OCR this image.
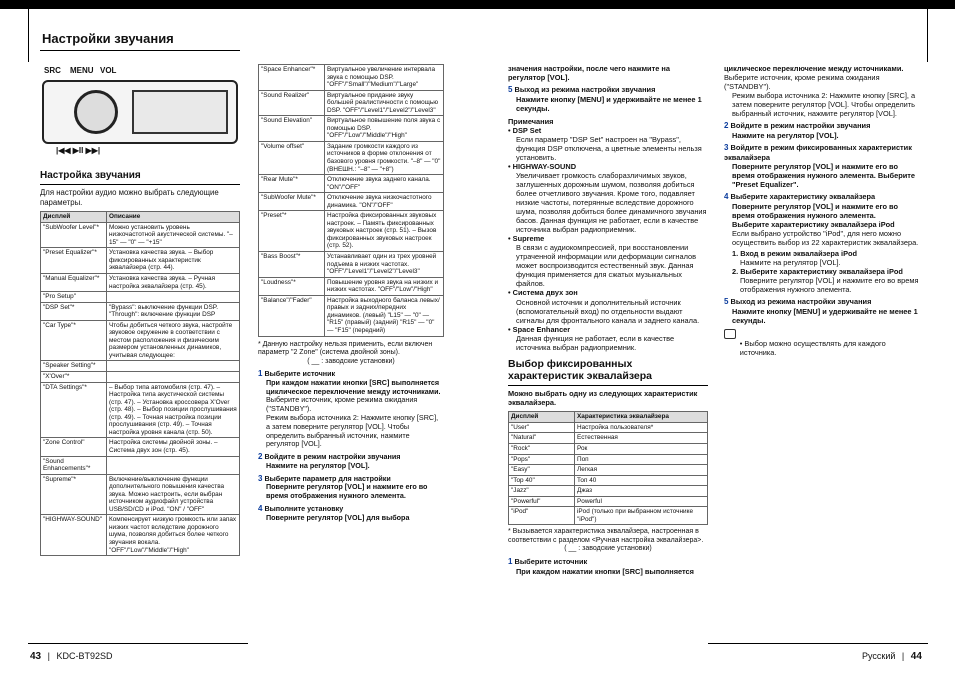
Настройки звучания
SRC MENU VOL
|◀◀ ▶II ▶▶|
Настройка звучания
Для настройки аудио можно выбрать следующие параметры.
Дисплей	Описание
"SubWoofer Level"*	Можно установить уровень низкочастотной акустической системы. "–15" — "0" — "+15"
"Preset Equalizer"*	Установка качества звука. – Выбор фиксированных характеристик эквалайзера (стр. 44).
"Manual Equalizer"*	Установка качества звука. – Ручная настройка эквалайзера (стр. 45).
"Pro Setup"	
"DSP Set"*	"Bypass": выключение функции DSP. "Through": включение функции DSP
"Car Type"*	Чтобы добиться четкого звука, настройте звуковое окружение в соответствии с местом расположения и физическим размером установленных динамиков, учитывая следующее:
"Speaker Setting"*	
"X'Over"*	
"DTA Settings"*	– Выбор типа автомобиля (стр. 47). – Настройка типа акустической системы (стр. 47). – Установка кроссовера X'Over (стр. 48). – Выбор позиции прослушивания (стр. 49). – Точная настройка позиции прослушивания (стр. 49). – Точная настройка уровня канала (стр. 50).
"Zone Control"	Настройка системы двойной зоны. – Система двух зон (стр. 45).
"Sound Enhancements"*	
"Supreme"*	Включение/выключение функции дополнительного повышения качества звука. Можно настроить, если выбран источником аудиофайл устройства USB/SD/CD и iPod. "ON" / "OFF"
"HIGHWAY-SOUND"	Компенсирует низкую громкость или запах низких частот вследствие дорожного шума, позволяя добиться более четкого звучания вокала. "OFF"/"Low"/"Middle"/"High"
"Space Enhancer"*	Виртуальное увеличение интервала звука с помощью DSP. "OFF"/"Small"/"Medium"/"Large"
"Sound Realizer"	Виртуальное придание звуку большей реалистичности с помощью DSP. "OFF"/"Level1"/"Level2"/"Level3"
"Sound Elevation"	Виртуальное повышение поля звука с помощью DSP. "OFF"/"Low"/"Middle"/"High"
"Volume offset"	Задание громкости каждого из источников в форме отклонения от базового уровня громкости. "–8" — "0" (ВНЕШН.: "–8" — "+8")
"Rear Mute"*	Отключение звука заднего канала. "ON"/"OFF"
"SubWoofer Mute"*	Отключение звука низкочастотного динамика. "ON"/"OFF"
"Preset"*	Настройка фиксированных звуковых настроек. – Память фиксированных звуковых настроек (стр. 51). – Вызов фиксированных звуковых настроек (стр. 52).
"Bass Boost"*	Устанавливает один из трех уровней подъема в низких частотах. "OFF"/"Level1"/"Level2"/"Level3"
"Loudness"*	Повышение уровня звука на низких и низких частотах. "OFF"/"Low"/"High"
"Balance"/"Fader"	Настройка выходного баланса левых/правых и задних/передних динамиков. (левый) "L15" — "0" — "R15" (правый) (задний) "R15" — "0" — "F15" (передний)
* Данную настройку нельзя применить, если включен параметр "2 Zone" (система двойной зоны).
( __ : заводские установки)
1 Выберите источник
При каждом нажатии кнопки [SRC] выполняется циклическое переключение между источниками.
Выберите источник, кроме режима ожидания ("STANDBY").
Режим выбора источника 2: Нажмите кнопку [SRC], а затем поверните регулятор [VOL]. Чтобы определить выбранный источник, нажмите регулятор [VOL].
2 Войдите в режим настройки звучания
Нажмите на регулятор [VOL].
3 Выберите параметр для настройки
Поверните регулятор [VOL] и нажмите его во время отображения нужного элемента.
4 Выполните установку
Поверните регулятор [VOL] для выбора
значения настройки, после чего нажмите на регулятор [VOL].
5 Выход из режима настройки звучания
Нажмите кнопку [MENU] и удерживайте не менее 1 секунды.
Примечания
• DSP Set
Если параметр "DSP Set" настроен на "Bypass", функция DSP отключена, а цветные элементы нельзя установить.
• HIGHWAY-SOUND
Увеличивает громкость слаборазличимых звуков, заглушенных дорожным шумом, позволяя добиться более отчетливого звучания. Кроме того, подавляет низкие частоты, потерянные вследствие дорожного шума, позволяя добиться более динамичного звучания басов. Данная функция не работает, если в качестве источника выбран радиоприемник.
• Supreme
В связи с аудиокомпрессией, при восстановлении утраченной информации или деформации сигналов может воспроизводится естественный звук. Данная функция применяется для сжатых музыкальных файлов.
• Система двух зон
Основной источник и дополнительный источник (вспомогательный вход) по отдельности выдают сигналы для фронтального канала и заднего канала.
• Space Enhancer
Данная функция не работает, если в качестве источника выбран радиоприемник.
Выбор фиксированных характеристик эквалайзера
Можно выбрать одну из следующих характеристик эквалайзера.
Дисплей	Характеристика эквалайзера
"User"	Настройка пользователя*
"Natural"	Естественная
"Rock"	Рок
"Pops"	Поп
"Easy"	Легкая
"Top 40"	Топ 40
"Jazz"	Джаз
"Powerful"	Powerful
"iPod"	iPod (только при выбранном источнике "iPod")
* Вызывается характеристика эквалайзера, настроенная в соответствии с разделом <Ручная настройка эквалайзера>.
( __ : заводские установки)
1 Выберите источник
При каждом нажатии кнопки [SRC] выполняется
циклическое переключение между источниками.
Выберите источник, кроме режима ожидания ("STANDBY").
Режим выбора источника 2: Нажмите кнопку [SRC], а затем поверните регулятор [VOL]. Чтобы определить выбранный источник, нажмите регулятор [VOL].
2 Войдите в режим настройки звучания
Нажмите на регулятор [VOL].
3 Войдите в режим фиксированных характеристик эквалайзера
Поверните регулятор [VOL] и нажмите его во время отображения нужного элемента. Выберите "Preset Equalizer".
4 Выберите характеристику эквалайзера
Поверните регулятор [VOL] и нажмите его во время отображения нужного элемента.
Выберите характеристику эквалайзера iPod
Если выбрано устройство "iPod", для него можно осуществить выбор из 22 характеристик эквалайзера.
1. Вход в режим эквалайзера iPod
Нажмите на регулятор [VOL].
2. Выберите характеристику эквалайзера iPod
Поверните регулятор [VOL] и нажмите его во время отображения нужного элемента.
5 Выход из режима настройки звучания
Нажмите кнопку [MENU] и удерживайте не менее 1 секунды.
• Выбор можно осуществлять для каждого источника.
43 | KDC-BT92SD	Русский | 44
